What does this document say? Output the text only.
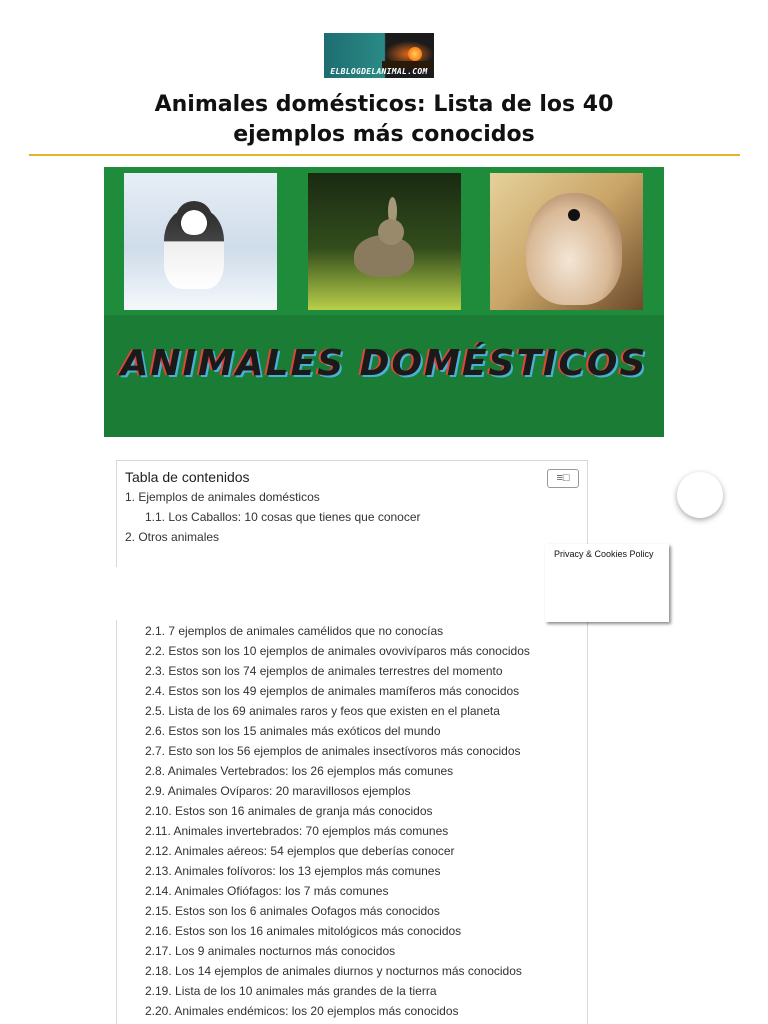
ELBLOGDELANIMAL.COM
Animales domésticos: Lista de los 40 ejemplos más conocidos
ANIMALES DOMÉSTICOS
Tabla de contenidos	≡□
1. Ejemplos de animales domésticos
1.1. Los Caballos: 10 cosas que tienes que conocer
2. Otros animales
2.1. 7 ejemplos de animales camélidos que no conocías
2.2. Estos son los 10 ejemplos de animales ovovivíparos más conocidos
2.3. Estos son los 74 ejemplos de animales terrestres del momento
2.4. Estos son los 49 ejemplos de animales mamíferos más conocidos
2.5. Lista de los 69 animales raros y feos que existen en el planeta
2.6. Estos son los 15 animales más exóticos del mundo
2.7. Esto son los 56 ejemplos de animales insectívoros más conocidos
2.8. Animales Vertebrados: los 26 ejemplos más comunes
2.9. Animales Ovíparos: 20 maravillosos ejemplos
2.10. Estos son 16 animales de granja más conocidos
2.11. Animales invertebrados: 70 ejemplos más comunes
2.12. Animales aéreos: 54 ejemplos que deberías conocer
2.13. Animales folívoros: los 13 ejemplos más comunes
2.14. Animales Ofiófagos: los 7 más comunes
2.15. Estos son los 6 animales Oofagos más conocidos
2.16. Estos son los 16 animales mitológicos más conocidos
2.17. Los 9 animales nocturnos más conocidos
2.18. Los 14 ejemplos de animales diurnos y nocturnos más conocidos
2.19. Lista de los 10 animales más grandes de la tierra
2.20. Animales endémicos: los 20 ejemplos más conocidos
Privacy & Cookies Policy
